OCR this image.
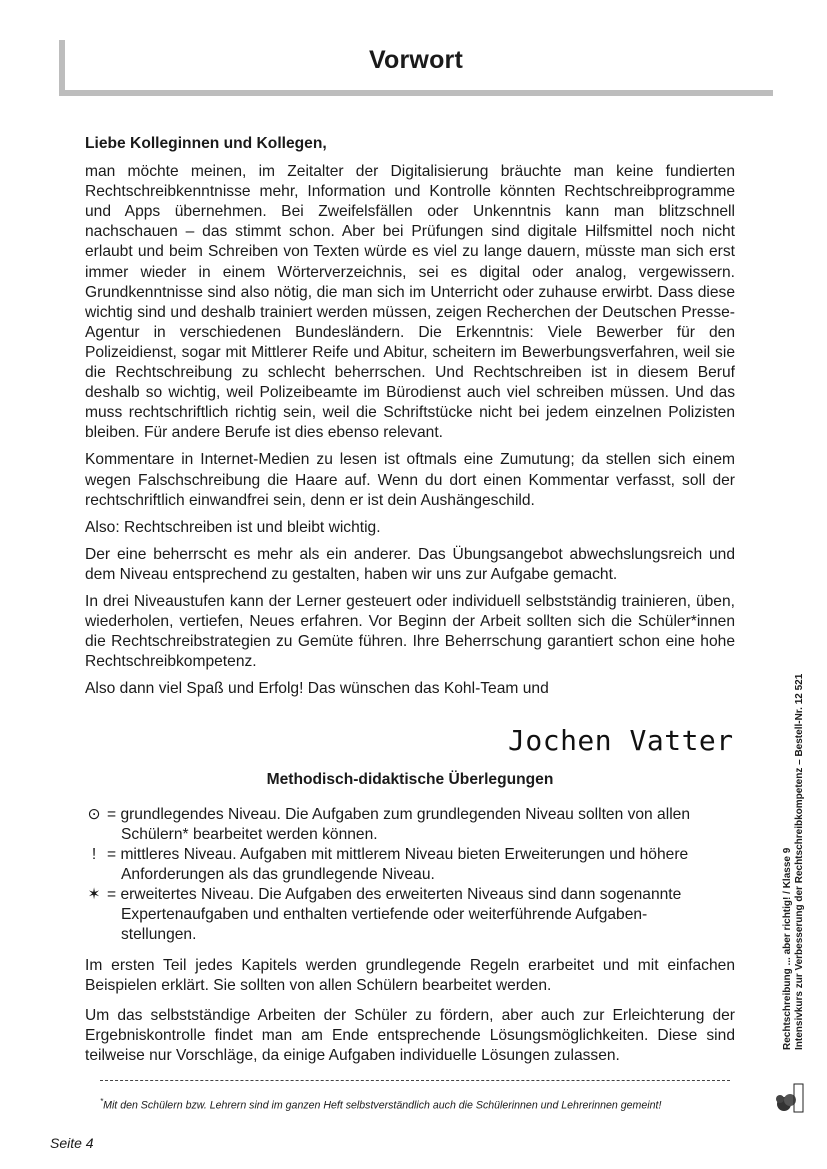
Vorwort

Liebe Kolleginnen und Kollegen,

man möchte meinen, im Zeitalter der Digitalisierung bräuchte man keine fundierten Rechtschreibkenntnisse mehr, Information und Kontrolle könnten Rechtschreibprogramme und Apps übernehmen. Bei Zweifelsfällen oder Unkenntnis kann man blitzschnell nachschauen – das stimmt schon. Aber bei Prüfungen sind digitale Hilfsmittel noch nicht erlaubt und beim Schreiben von Texten würde es viel zu lange dauern, müsste man sich erst immer wieder in einem Wörterverzeichnis, sei es digital oder analog, vergewissern. Grundkenntnisse sind also nötig, die man sich im Unterricht oder zuhause erwirbt. Dass diese wichtig sind und deshalb trainiert werden müssen, zeigen Recherchen der Deutschen Presse-Agentur in verschiedenen Bundesländern. Die Erkenntnis: Viele Bewerber für den Polizeidienst, sogar mit Mittlerer Reife und Abitur, scheitern im Bewerbungsverfahren, weil sie die Rechtschreibung zu schlecht beherrschen. Und Rechtschreiben ist in diesem Beruf deshalb so wichtig, weil Polizeibeamte im Bürodienst auch viel schreiben müssen. Und das muss rechtschriftlich richtig sein, weil die Schriftstücke nicht bei jedem einzelnen Polizisten bleiben. Für andere Berufe ist dies ebenso relevant.

Kommentare in Internet-Medien zu lesen ist oftmals eine Zumutung; da stellen sich einem wegen Falschschreibung die Haare auf. Wenn du dort einen Kommentar verfasst, soll der rechtschriftlich einwandfrei sein, denn er ist dein Aushängeschild.

Also: Rechtschreiben ist und bleibt wichtig.

Der eine beherrscht es mehr als ein anderer. Das Übungsangebot abwechslungsreich und dem Niveau entsprechend zu gestalten, haben wir uns zur Aufgabe gemacht.

In drei Niveaustufen kann der Lerner gesteuert oder individuell selbstständig trainieren, üben, wiederholen, vertiefen, Neues erfahren. Vor Beginn der Arbeit sollten sich die Schüler*innen die Rechtschreibstrategien zu Gemüte führen. Ihre Beherrschung garantiert schon eine hohe Rechtschreibkompetenz.

Also dann viel Spaß und Erfolg! Das wünschen das Kohl-Team und

Jochen Vatter
Methodisch-didaktische Überlegungen
⊙ = grundlegendes Niveau. Die Aufgaben zum grundlegenden Niveau sollten von allen
Schülern* bearbeitet werden können.
! = mittleres Niveau. Aufgaben mit mittlerem Niveau bieten Erweiterungen und höhere
Anforderungen als das grundlegende Niveau.
✶ = erweitertes Niveau. Die Aufgaben des erweiterten Niveaus sind dann sogenannte
Expertenaufgaben und enthalten vertiefende oder weiterführende Aufgaben-
stellungen.

Im ersten Teil jedes Kapitels werden grundlegende Regeln erarbeitet und mit einfachen Beispielen erklärt. Sie sollten von allen Schülern bearbeitet werden.

Um das selbstständige Arbeiten der Schüler zu fördern, aber auch zur Erleichterung der Ergebniskontrolle findet man am Ende entsprechende Lösungsmöglichkeiten. Diese sind teilweise nur Vorschläge, da einige Aufgaben individuelle Lösungen zulassen.

*Mit den Schülern bzw. Lehrern sind im ganzen Heft selbstverständlich auch die Schülerinnen und Lehrerinnen gemeint!
Seite 4
Rechtschreibung ... aber richtig! / Klasse 9 Intensivkurs zur Verbesserung der Rechtschreibkompetenz – Bestell-Nr. 12 521
